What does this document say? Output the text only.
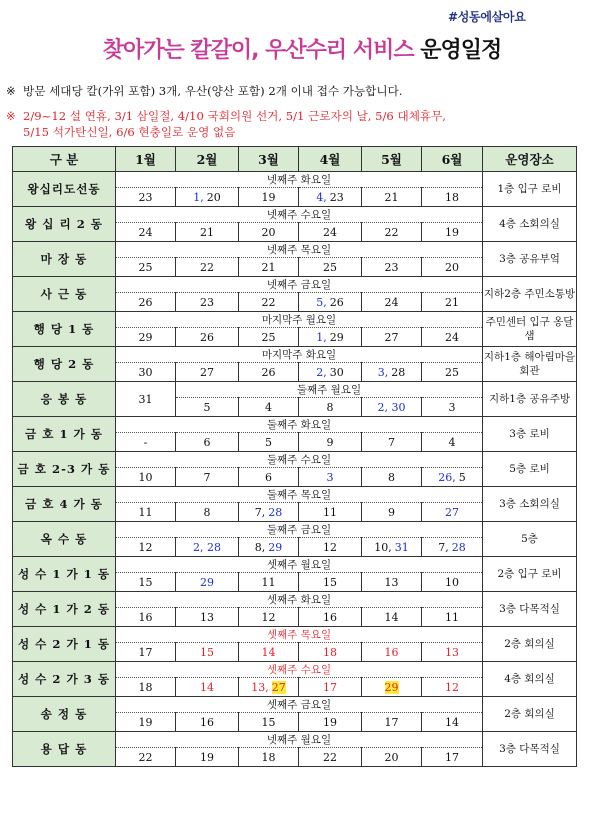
#성동에살아요
찾아가는 칼갈이, 우산수리 서비스 운영일정
※ 방문 세대당 칼(가위 포함) 3개, 우산(양산 포함) 2개 이내 접수 가능합니다.
※ 2/9~12 설 연휴, 3/1 삼일절, 4/10 국회의원 선거, 5/1 근로자의 날, 5/6 대체휴무,
5/15 석가탄신일, 6/6 현충일로 운영 없음
구 분	1월	2월	3월	4월	5월	6월	운영장소
왕십리도선동	넷째주 화요일						1층 입구 로비
	23	1, 20	19	4, 23	21	18	
왕 십 리 2 동	넷째주 수요일						4층 소회의실
	24	21	20	24	22	19	
마 장 동	넷째주 목요일						3층 공유부엌
	25	22	21	25	23	20	
사 근 동	넷째주 금요일						지하2층 주민소통방
	26	23	22	5, 26	24	21	
행 당 1 동	마지막주 월요일						주민센터 입구 옹달샘
	29	26	25	1, 29	27	24	
행 당 2 동	마지막주 화요일						지하1층 해아림마을회관
	30	27	26	2, 30	3, 28	25	
응 봉 동	31	둘째주 월요일					지하1층 공유주방
		5	4	8	2, 30	3	
금 호 1 가 동	둘째주 화요일						3층 로비
	-	6	5	9	7	4	
금 호 2-3 가 동	둘째주 수요일						5층 로비
	10	7	6	3	8	26, 5	
금 호 4 가 동	둘째주 목요일						3층 소회의실
	11	8	7, 28	11	9	27	
옥 수 동	둘째주 금요일						5층
	12	2, 28	8, 29	12	10, 31	7, 28	
성 수 1 가 1 동	셋째주 월요일						2층 입구 로비
	15	29	11	15	13	10	
성 수 1 가 2 동	셋째주 화요일						3층 다목적실
	16	13	12	16	14	11	
성 수 2 가 1 동	셋째주 목요일						2층 회의실
	17	15	14	18	16	13	
성 수 2 가 3 동	셋째주 수요일						4층 회의실
	18	14	13, 27	17	29	12	
송 정 동	셋째주 금요일						2층 회의실
	19	16	15	19	17	14	
용 답 동	넷째주 월요일						3층 다목적실
	22	19	18	22	20	17	
